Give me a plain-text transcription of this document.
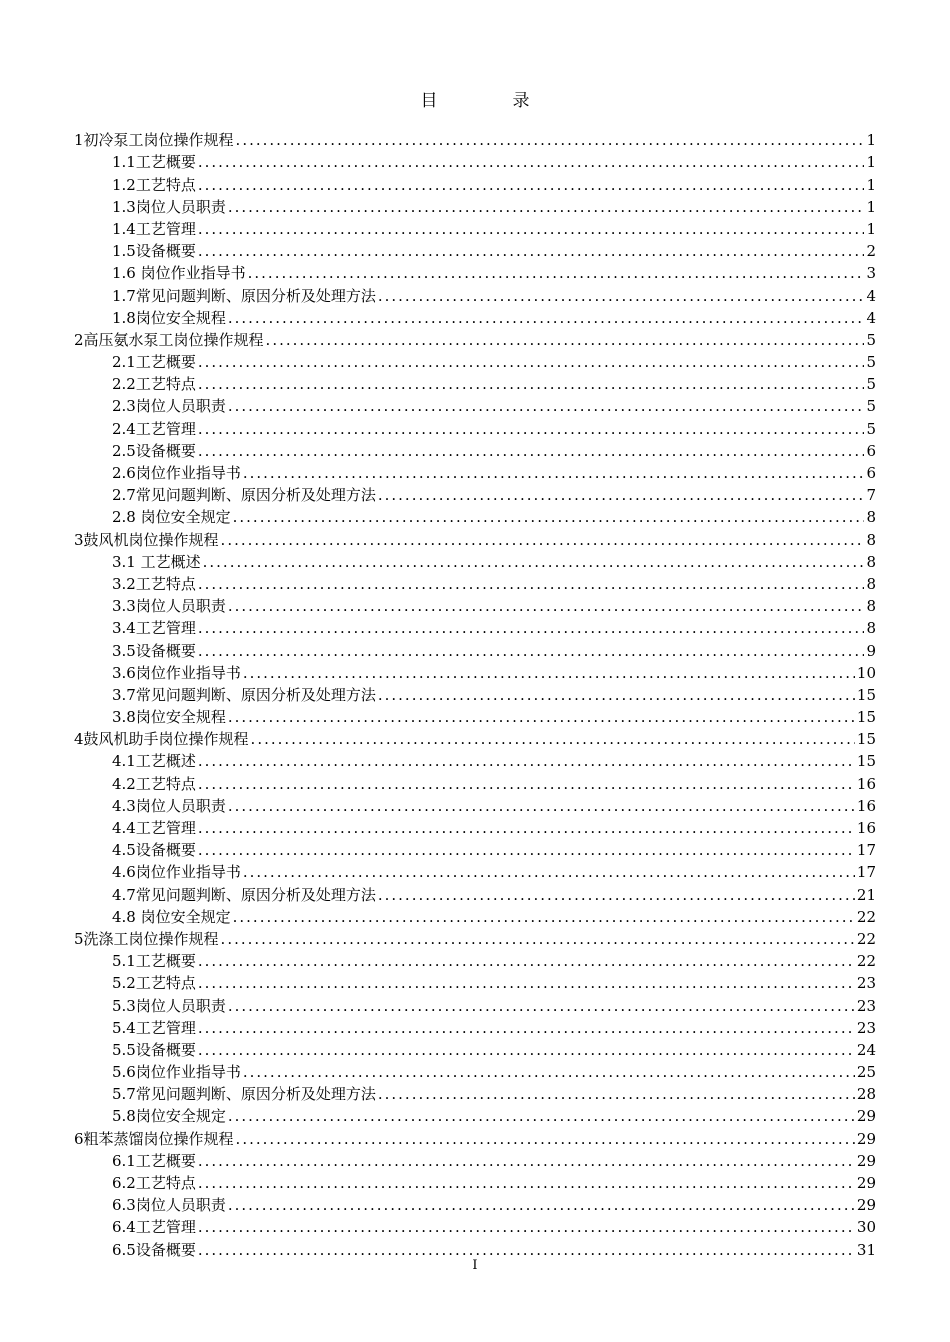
目	录
1初冷泵工岗位操作规程 .....	1
1.1工艺概要 .....	1
1.2工艺特点 .....	1
1.3岗位人员职责 .....	1
1.4工艺管理 .....	1
1.5设备概要 .....	2
1.6 岗位作业指导书 .....	3
1.7常见问题判断、原因分析及处理方法 .....	4
1.8岗位安全规程 .....	4
2高压氨水泵工岗位操作规程 .....	5
2.1工艺概要 .....	5
2.2工艺特点 .....	5
2.3岗位人员职责 .....	5
2.4工艺管理 .....	5
2.5设备概要 .....	6
2.6岗位作业指导书 .....	6
2.7常见问题判断、原因分析及处理方法 .....	7
2.8 岗位安全规定 .....	8
3鼓风机岗位操作规程 .....	8
3.1 工艺概述 .....	8
3.2工艺特点 .....	8
3.3岗位人员职责 .....	8
3.4工艺管理 .....	8
3.5设备概要 .....	9
3.6岗位作业指导书 .....	10
3.7常见问题判断、原因分析及处理方法 .....	15
3.8岗位安全规程 .....	15
4鼓风机助手岗位操作规程 .....	15
4.1工艺概述 .....	15
4.2工艺特点 .....	16
4.3岗位人员职责 .....	16
4.4工艺管理 .....	16
4.5设备概要 .....	17
4.6岗位作业指导书 .....	17
4.7常见问题判断、原因分析及处理方法 .....	21
4.8 岗位安全规定 .....	22
5洗涤工岗位操作规程 .....	22
5.1工艺概要 .....	22
5.2工艺特点 .....	23
5.3岗位人员职责 .....	23
5.4工艺管理 .....	23
5.5设备概要 .....	24
5.6岗位作业指导书 .....	25
5.7常见问题判断、原因分析及处理方法 .....	28
5.8岗位安全规定 .....	29
6粗苯蒸馏岗位操作规程 .....	29
6.1工艺概要 .....	29
6.2工艺特点 .....	29
6.3岗位人员职责 .....	29
6.4工艺管理 .....	30
6.5设备概要 .....	31
I
